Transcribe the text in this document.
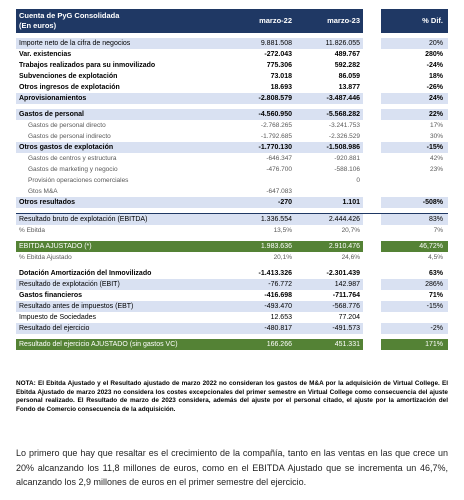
Cuenta de PyG Consolidada
(En euros)	marzo-22	marzo-23		% Dif.

Importe neto de la cifra de negocios	9.881.508	11.826.055		20%
Var. existencias	-272.043	489.767		280%
Trabajos realizados para su inmovilizado	775.306	592.282		-24%
Subvenciones de explotación	73.018	86.059		18%
Otros ingresos de explotación	18.693	13.877		-26%
Aprovisionamientos	-2.808.579	-3.487.446		24%

Gastos de personal	-4.560.950	-5.568.282		22%
Gastos de personal directo	-2.768.265	-3.241.753		17%
Gastos de personal indirecto	-1.792.685	-2.326.529		30%
Otros gastos de explotación	-1.770.130	-1.508.986		-15%
Gastos de centros y estructura	-646.347	-920.881		42%
Gastos de marketing y negocio	-476.700	-588.106		23%
Provisión operaciones comerciales		0		
Gtos M&A	-647.083			
Otros resultados	-270	1.101		-508%

Resultado bruto de explotación (EBITDA)	1.336.554	2.444.426		83%
% Ebitda	13,5%	20,7%		7%

EBITDA AJUSTADO (*)	1.983.636	2.910.476		46,72%
% Ebitda Ajustado	20,1%	24,6%		4,5%

Dotación Amortización del Inmovilizado	-1.413.326	-2.301.439		63%
Resultado de explotación (EBIT)	-76.772	142.987		286%
Gastos financieros	-416.698	-711.764		71%
Resultado antes de impuestos (EBT)	-493.470	-568.776		-15%
Impuesto de Sociedades	12.653	77.204		
Resultado del ejercicio	-480.817	-491.573		-2%

Resultado del ejercicio AJUSTADO (sin gastos VC)	166.266	451.331		171%
NOTA: El Ebitda Ajustado y el Resultado ajustado de marzo 2022 no consideran los gastos de M&A por la adquisición de Virtual College. El Ebitda Ajustado de marzo 2023 no considera los costes excepcionales del primer semestre en Virtual College como consecuencia del ajuste personal realizado. El Resultado de marzo de 2023 considera, además del ajuste por el personal citado, el ajuste por la amortización del Fondo de Comercio consecuencia de la adquisición.
Lo primero que hay que resaltar es el crecimiento de la compañía, tanto en las ventas en las que crece un 20% alcanzando los 11,8 millones de euros, como en el EBITDA Ajustado que se incrementa un 46,7%, alcanzando los 2,9 millones de euros en el primer semestre del ejercicio.
